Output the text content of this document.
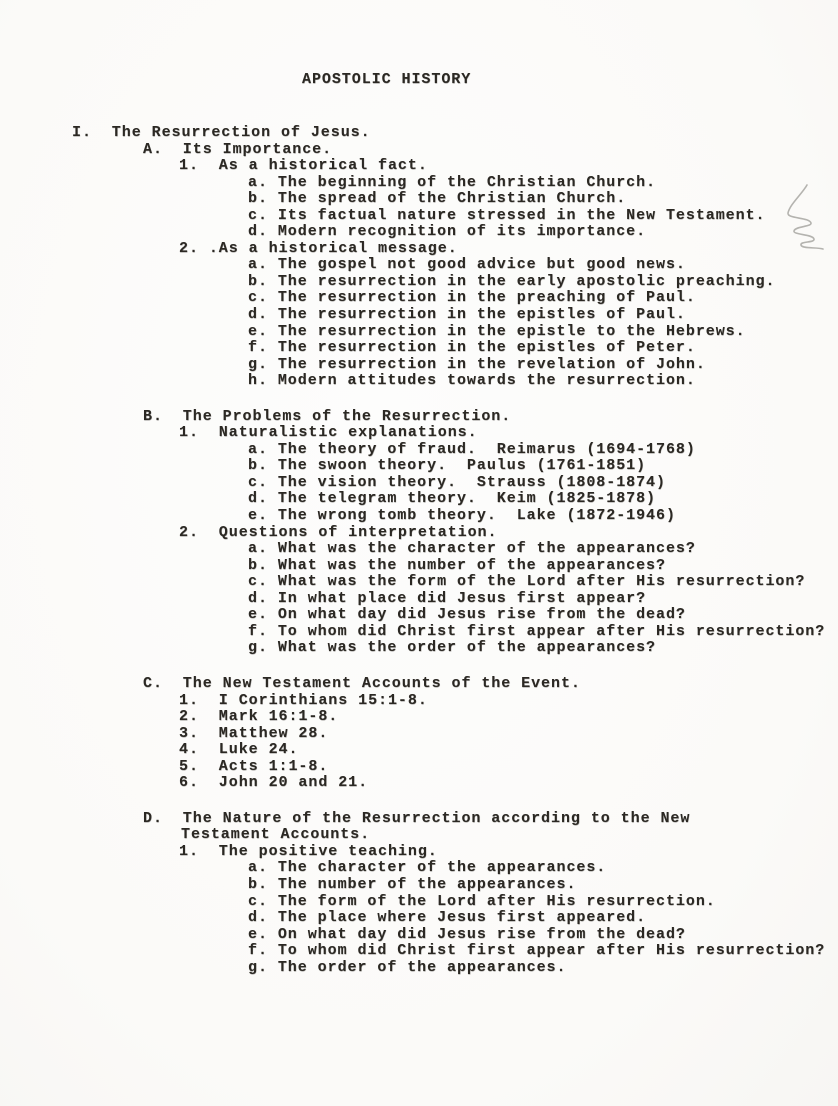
APOSTOLIC HISTORY
I.  The Resurrection of Jesus.
A.  Its Importance.
1.  As a historical fact.
a. The beginning of the Christian Church.
b. The spread of the Christian Church.
c. Its factual nature stressed in the New Testament.
d. Modern recognition of its importance.
2. .As a historical message.
a. The gospel not good advice but good news.
b. The resurrection in the early apostolic preaching.
c. The resurrection in the preaching of Paul.
d. The resurrection in the epistles of Paul.
e. The resurrection in the epistle to the Hebrews.
f. The resurrection in the epistles of Peter.
g. The resurrection in the revelation of John.
h. Modern attitudes towards the resurrection.
B.  The Problems of the Resurrection.
1.  Naturalistic explanations.
a. The theory of fraud.  Reimarus (1694-1768)
b. The swoon theory.  Paulus (1761-1851)
c. The vision theory.  Strauss (1808-1874)
d. The telegram theory.  Keim (1825-1878)
e. The wrong tomb theory.  Lake (1872-1946)
2.  Questions of interpretation.
a. What was the character of the appearances?
b. What was the number of the appearances?
c. What was the form of the Lord after His resurrection?
d. In what place did Jesus first appear?
e. On what day did Jesus rise from the dead?
f. To whom did Christ first appear after His resurrection?
g. What was the order of the appearances?
C.  The New Testament Accounts of the Event.
1.  I Corinthians 15:1-8.
2.  Mark 16:1-8.
3.  Matthew 28.
4.  Luke 24.
5.  Acts 1:1-8.
6.  John 20 and 21.
D.  The Nature of the Resurrection according to the New
Testament Accounts.
1.  The positive teaching.
a. The character of the appearances.
b. The number of the appearances.
c. The form of the Lord after His resurrection.
d. The place where Jesus first appeared.
e. On what day did Jesus rise from the dead?
f. To whom did Christ first appear after His resurrection?
g. The order of the appearances.
